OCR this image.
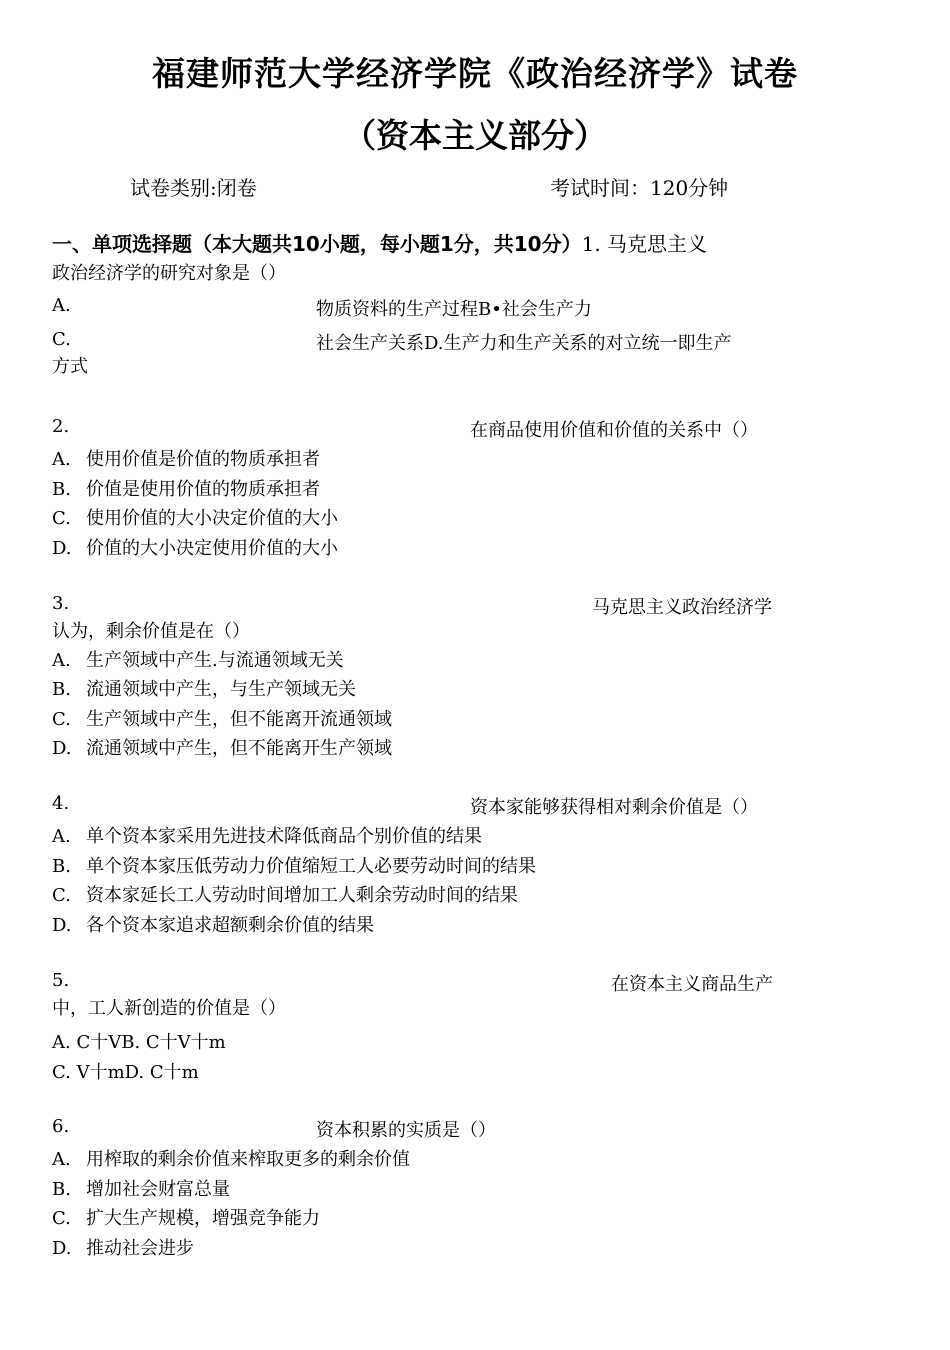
福建师范大学经济学院《政治经济学》试卷
（资本主义部分）
试卷类别:闭卷	考试时间：120分钟
一、单项选择题（本大题共10小题，每小题1分，共10分）1. 马克思主义
政治经济学的研究对象是（）
A.	物质资料的生产过程B•社会生产力
C.	社会生产关系D.生产力和生产关系的对立统一即生产
方式
2.	在商品使用价值和价值的关系中（）
A. 使用价值是价值的物质承担者
B. 价值是使用价值的物质承担者
C. 使用价值的大小决定价值的大小
D. 价值的大小决定使用价值的大小
3.	马克思主义政治经济学
认为，剩余价值是在（）
A. 生产领域中产生.与流通领域无关
B. 流通领域中产生，与生产领域无关
C. 生产领域中产生，但不能离开流通领域
D. 流通领域中产生，但不能离开生产领域
4.	资本家能够获得相对剩余价值是（）
A. 单个资本家采用先进技术降低商品个别价值的结果
B. 单个资本家压低劳动力价值缩短工人必要劳动时间的结果
C. 资本家延长工人劳动时间增加工人剩余劳动时间的结果
D. 各个资本家追求超额剩余价值的结果
5.	在资本主义商品生产
中，工人新创造的价值是（）
A. C十VB. C十V十m
C. V十mD. C十m
6.	资本积累的实质是（）
A. 用榨取的剩余价值来榨取更多的剩余价值
B. 增加社会财富总量
C. 扩大生产规模，增强竞争能力
D. 推动社会进步
